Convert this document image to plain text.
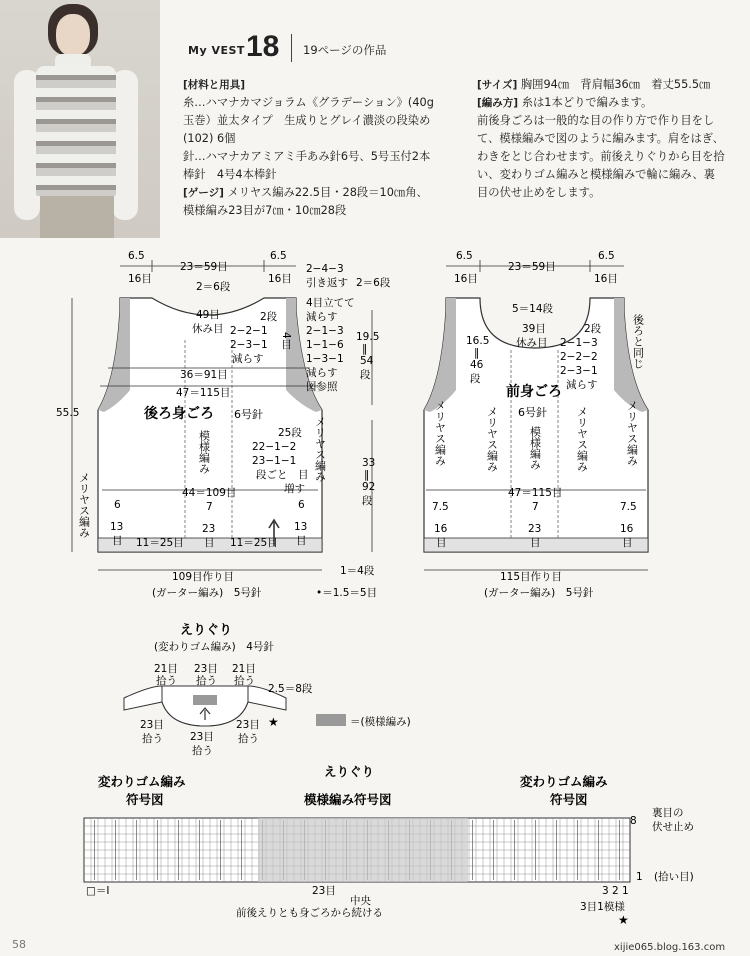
My VEST 18 19ページの作品
[材料と用具]
糸…ハマナカマジョラム《グラデーション》(40g
玉巻）並太タイプ　生成りとグレイ濃淡の段染め
(102) 6個
針…ハマナカアミアミ手あみ針6号、5号玉付2本
棒針　4号4本棒針
[ゲージ] メリヤス編み22.5目・28段＝10㎝角、
模様編み23目が7㎝・10㎝28段
[サイズ] 胸囲94㎝　背肩幅36㎝　着丈55.5㎝
[編み方] 糸は1本どりで編みます。
前後身ごろは一般的な目の作り方で作り目をし
て、模様編みで図のように編みます。肩をはぎ、
わきをとじ合わせます。前後えりぐりから目を拾
い、変わりゴム編みと模様編みで輪に編み、裏
目の伏せ止めをします。
6.5
16目
23＝59目
6.5
16目
2−4−3
引き返す 2＝6段
2＝6段
49目
休み目
2段
2−2−1
2−3−1
減らす
4目立てて
減らす
2−1−3
1−1−6
1−3−1
減らす
図参照
4目	19.5
‖
54
段
36＝91目
47＝115目
後ろ身ごろ 6号針
模様編み	メリヤス編み
メリヤス編み
25段
22−1−2
23−1−1
段ごと　目
増す
33
‖
92
段
44＝109目
55.5
6
13
目
7
23
目
11＝25目	11＝25目
6
13
目
109目作り目
(ガーター編み)　5号針
1＝4段
•＝1.5＝5目
6.5
16目
23＝59目
6.5
16目
5＝14段
39目
休み目
16.5
‖
46
段
2段
2−1−3
2−2−2
2−3−1
減らす
後ろと同じ
前身ごろ
6号針
メリヤス編み	メリヤス編み	模様編み	メリヤス編み	メリヤス編み
47＝115目
7.5
16
目
7
23
目
7.5
16
目
115目作り目
(ガーター編み)　5号針
えりぐり
(変わりゴム編み)　4号針
21目
拾う
23目
拾う
21目
拾う
23目
拾う	23目
拾う
23目
拾う
2.5＝8段
★	＝(模様編み)
変わりゴム編み
符号図
えりぐり
模様編み符号図
変わりゴム編み
符号図
8
裏目の
伏せ止め
1 (拾い目)
3 2 1
3目1模様
★
23目
中央
前後えりとも身ごろから続ける
□＝Ⅰ
58	xijie065.blog.163.com
